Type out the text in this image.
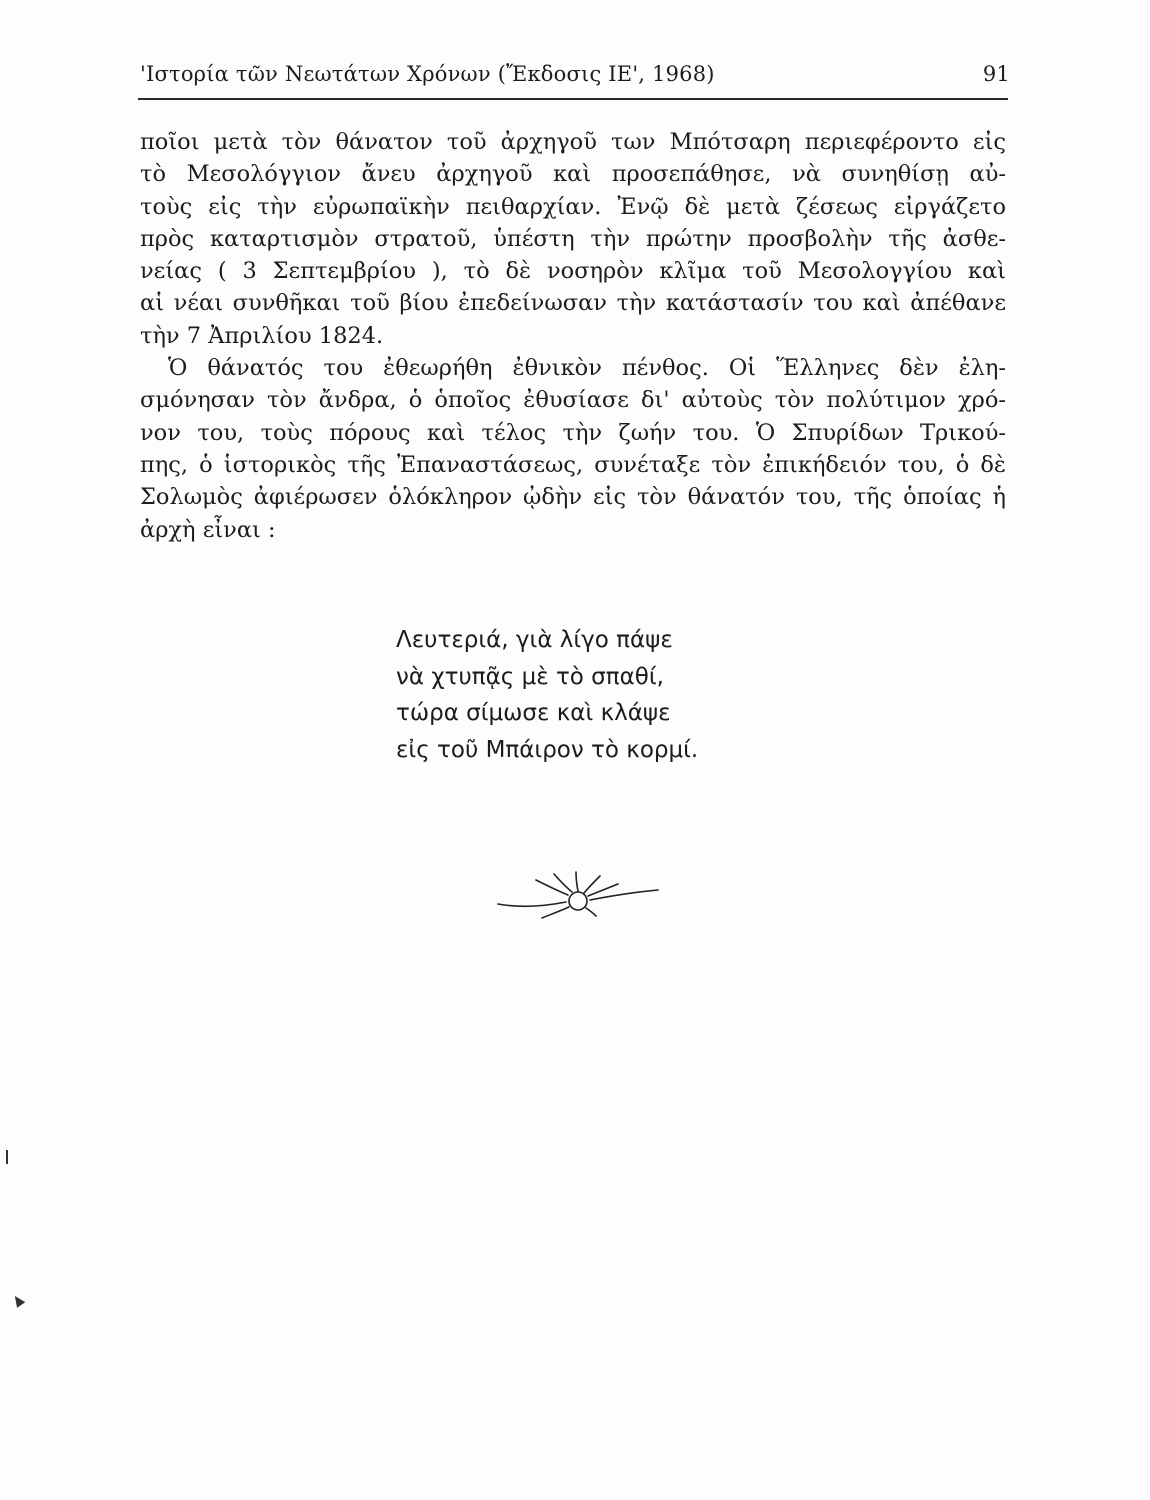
'Ιστορία τῶν Νεωτάτων Χρόνων (Ἔκδοσις ΙΕ', 1968)	91
ποῖοι μετὰ τὸν θάνατον τοῦ ἀρχηγοῦ των Μπότσαρη περιεφέροντο εἰς
τὸ Μεσολόγγιον ἄνευ ἀρχηγοῦ καὶ προσεπάθησε, νὰ συνηθίσῃ αὐ-
τοὺς εἰς τὴν εὐρωπαϊκὴν πειθαρχίαν. Ἐνῷ δὲ μετὰ ζέσεως εἰργάζετο
πρὸς καταρτισμὸν στρατοῦ, ὑπέστη τὴν πρώτην προσβολὴν τῆς ἀσθε-
νείας ( 3 Σεπτεμβρίου ), τὸ δὲ νοσηρὸν κλῖμα τοῦ Μεσολογγίου καὶ
αἱ νέαι συνθῆκαι τοῦ βίου ἐπεδείνωσαν τὴν κατάστασίν του καὶ ἀπέθανε
τὴν 7 Ἀπριλίου 1824.
Ὁ θάνατός του ἐθεωρήθη ἐθνικὸν πένθος. Οἱ Ἕλληνες δὲν ἐλη-
σμόνησαν τὸν ἄνδρα, ὁ ὁποῖος ἐθυσίασε δι' αὐτοὺς τὸν πολύτιμον χρό-
νον του, τοὺς πόρους καὶ τέλος τὴν ζωήν του. Ὁ Σπυρίδων Τρικού-
πης, ὁ ἱστορικὸς τῆς Ἐπαναστάσεως, συνέταξε τὸν ἐπικήδειόν του, ὁ δὲ
Σολωμὸς ἀφιέρωσεν ὁλόκληρον ᾠδὴν εἰς τὸν θάνατόν του, τῆς ὁποίας ἡ
ἀρχὴ εἶναι :
Λευτεριά, γιὰ λίγο πάψε
νὰ χτυπᾷς μὲ τὸ σπαθί,
τώρα σίμωσε καὶ κλάψε
εἰς τοῦ Μπάιρον τὸ κορμί.
